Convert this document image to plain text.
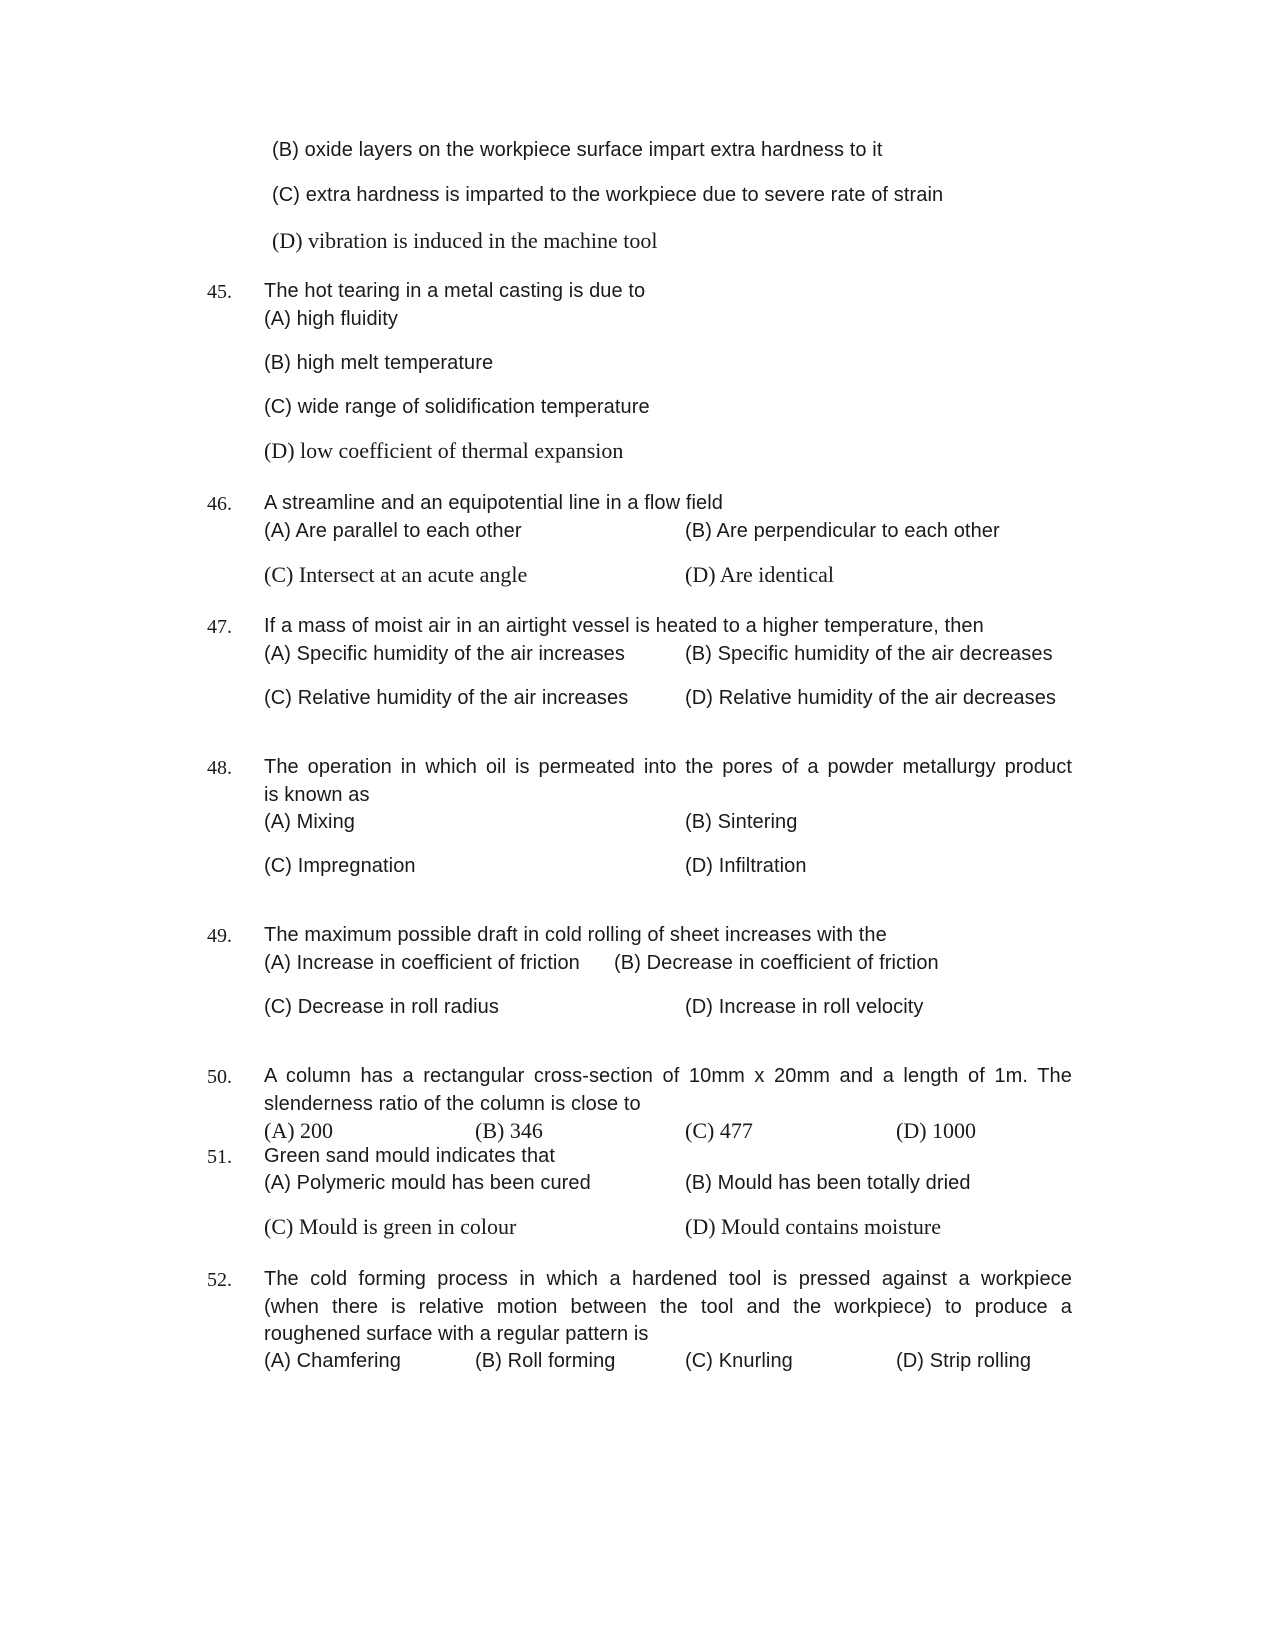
(B) oxide layers on the workpiece surface impart extra hardness to it
(C) extra hardness is imparted to the workpiece due to severe rate of strain
(D) vibration is induced in the machine tool
45. The hot tearing in a metal casting is due to
(A) high fluidity
(B) high melt temperature
(C) wide range of solidification temperature
(D) low coefficient of thermal expansion
46. A streamline and an equipotential line in a flow field
(A) Are parallel to each other	(B) Are perpendicular to each other
(C) Intersect at an acute angle	(D) Are identical
47. If a mass of moist air in an airtight vessel is heated to a higher temperature, then
(A) Specific humidity of the air increases	(B) Specific humidity of the air decreases
(C) Relative humidity of the air increases	(D) Relative humidity of the air decreases
48. The operation in which oil is permeated into the pores of a powder metallurgy product
is known as
(A) Mixing	(B) Sintering
(C) Impregnation	(D) Infiltration
49. The maximum possible draft in cold rolling of sheet increases with the
(A) Increase in coefficient of friction (B) Decrease in coefficient of friction
(C) Decrease in roll radius	(D) Increase in roll velocity
50. A column has a rectangular cross-section of 10mm x 20mm and a length of 1m. The
slenderness ratio of the column is close to
(A) 200	(B) 346	(C) 477	(D) 1000
51. Green sand mould indicates that
(A) Polymeric mould has been cured	(B) Mould has been totally dried
(C) Mould is green in colour	(D) Mould contains moisture
52. The cold forming process in which a hardened tool is pressed against a workpiece
(when there is relative motion between the tool and the workpiece) to produce a
roughened surface with a regular pattern is
(A) Chamfering	(B) Roll forming	(C) Knurling	(D) Strip rolling
